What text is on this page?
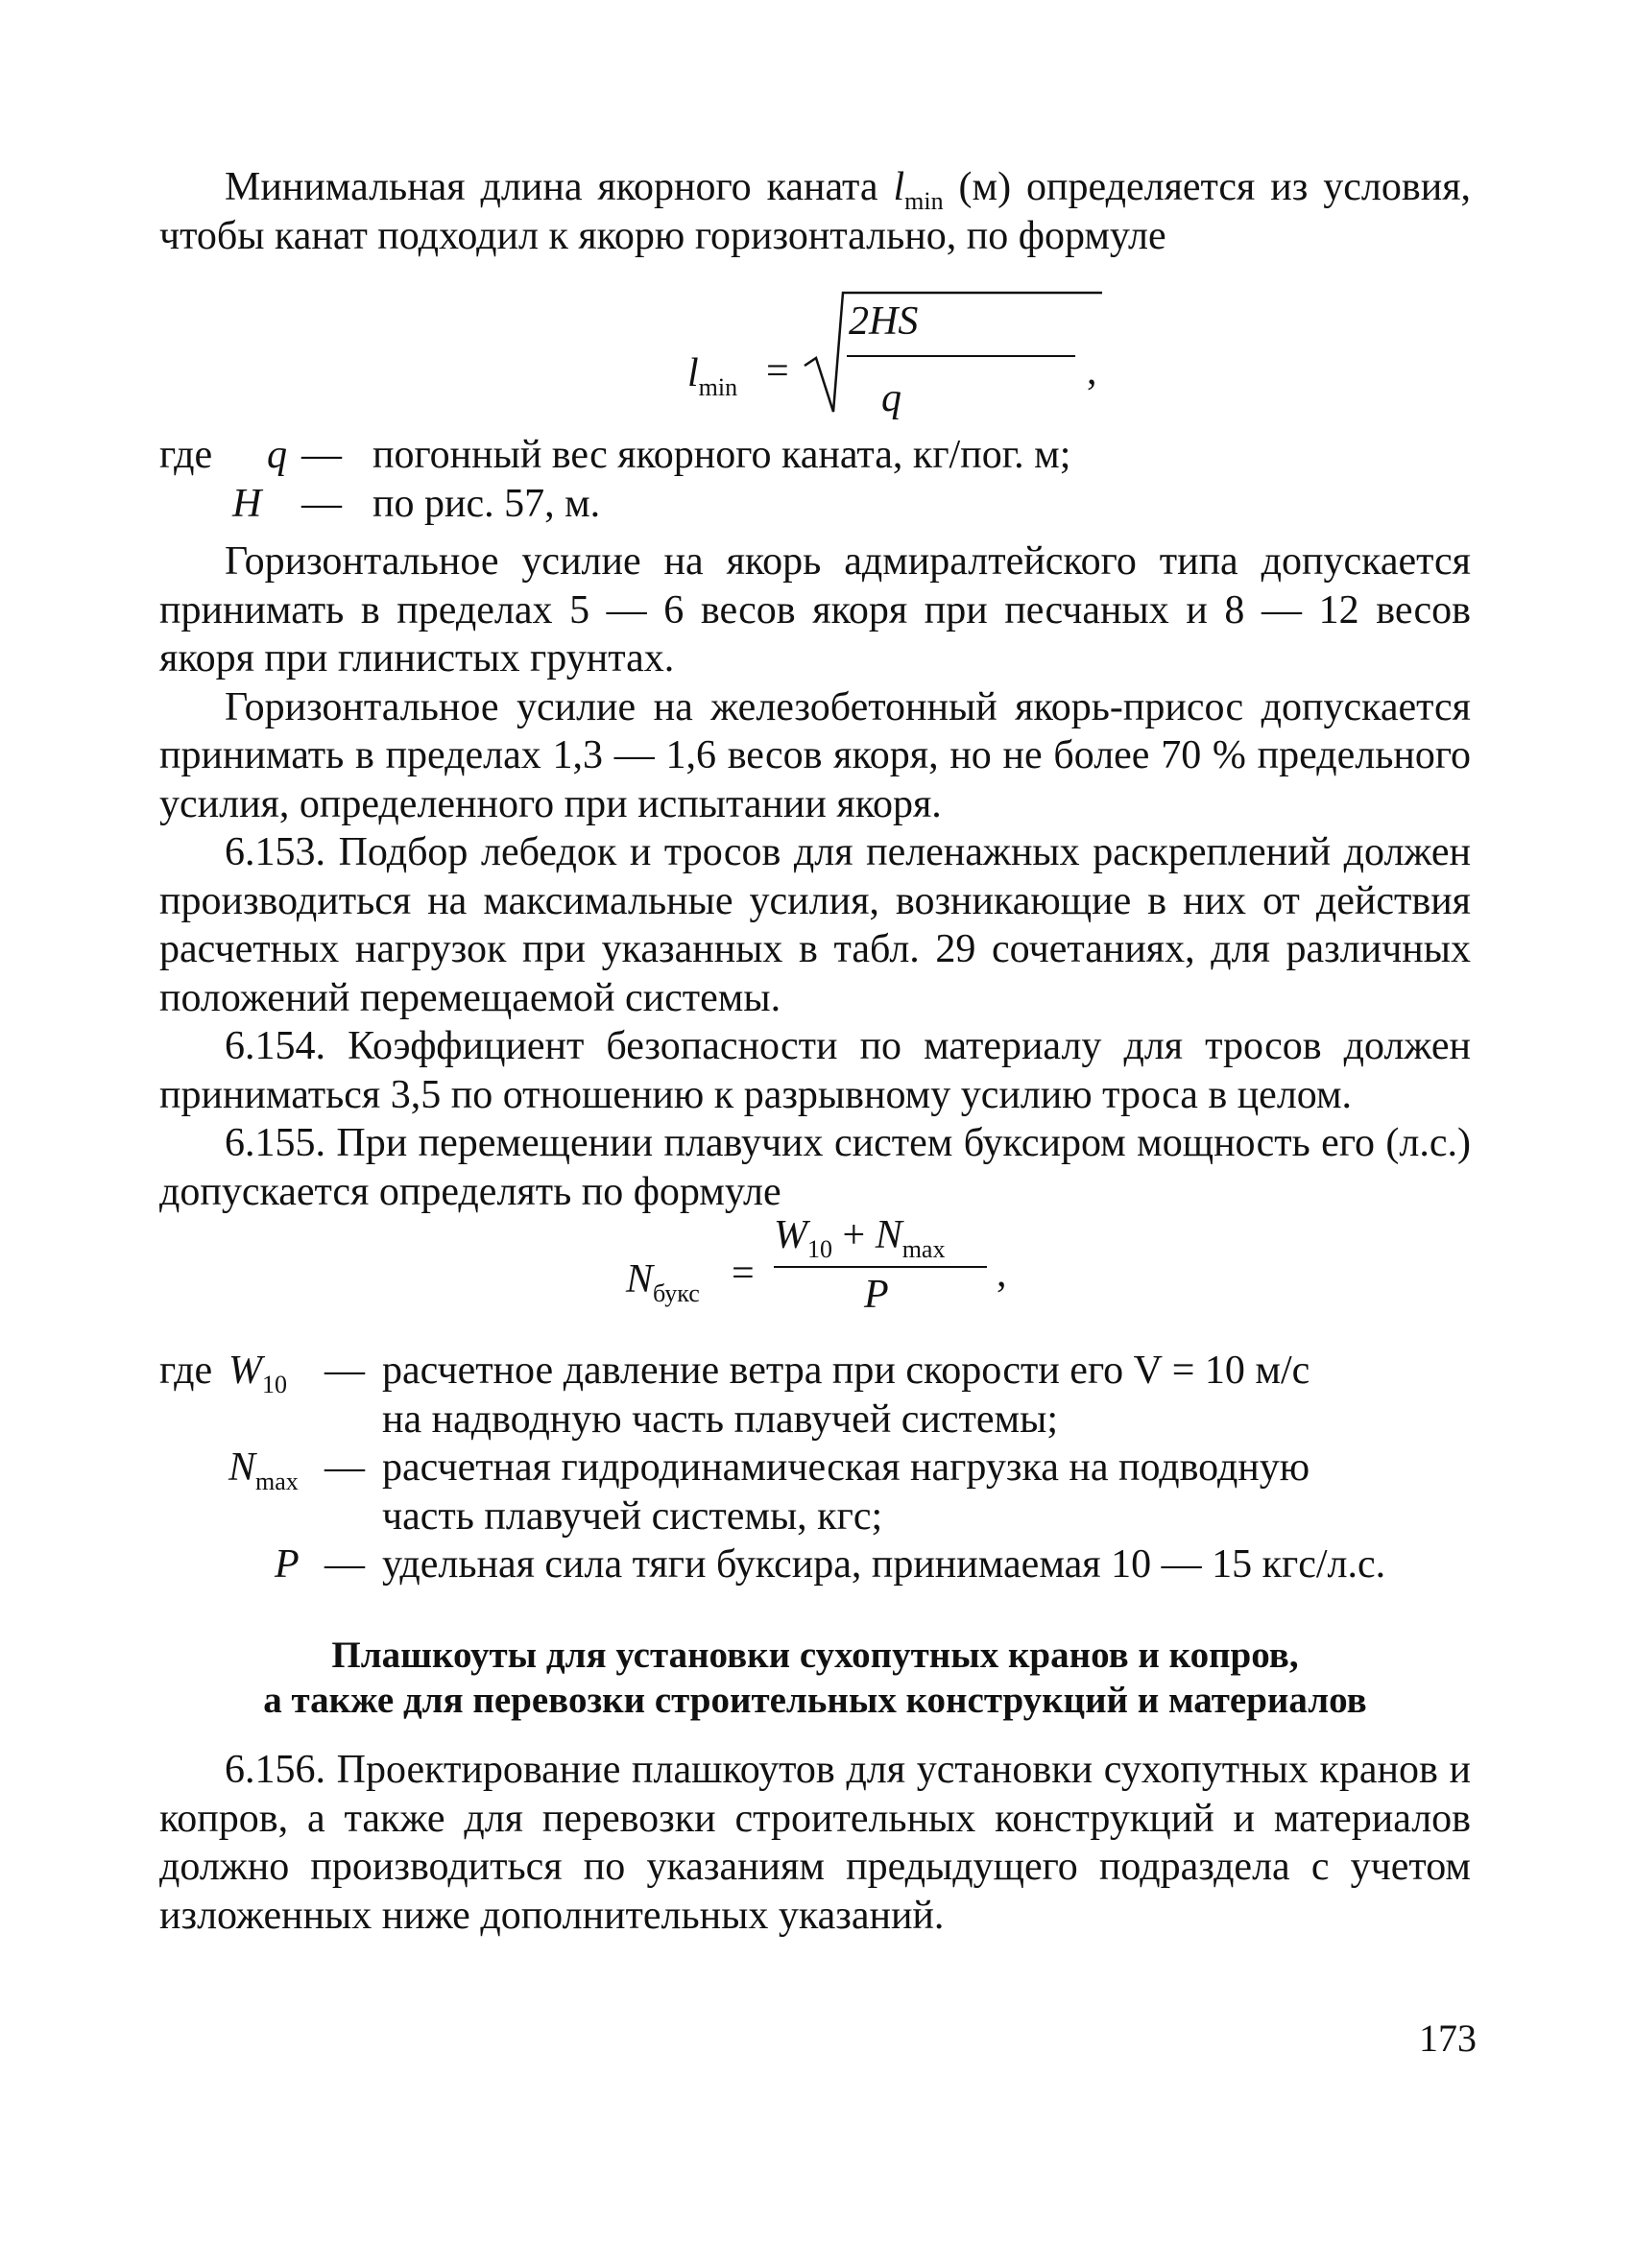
Минимальная длина якорного каната $l_{min}$ (м) определяется из условия, чтобы канат подходил к якорю горизонтально, по формуле

$l_{min}$ =
2HS
q
,
где q — погонный вес якорного каната, кг/пог. м;
H — по рис. 57, м.

Горизонтальное усилие на якорь адмиралтейского типа допускается принимать в пределах 5 — 6 весов якоря при песчаных и 8 — 12 весов якоря при глинистых грунтах.

Горизонтальное усилие на железобетонный якорь-присос допускается принимать в пределах 1,3 — 1,6 весов якоря, но не более 70 % предельного усилия, определенного при испытании якоря.

6.153. Подбор лебедок и тросов для пеленажных раскреплений должен производиться на максимальные усилия, возникающие в них от действия расчетных нагрузок при указанных в табл. 29 сочетаниях, для различных положений перемещаемой системы.

6.154. Коэффициент безопасности по материалу для тросов должен приниматься 3,5 по отношению к разрывному усилию троса в целом.

6.155. При перемещении плавучих систем буксиром мощность его (л.с.) допускается определять по формуле

$N_{букс}$ =
$W_{10} + N_{max}$
P	,
где $W_{10}$ — расчетное давление ветра при скорости его V = 10 м/с
на надводную часть плавучей системы;
$N_{max}$ — расчетная гидродинамическая нагрузка на подводную
часть плавучей системы, кгс;
P — удельная сила тяги буксира, принимаемая 10 — 15 кгс/л.с.
Плашкоуты для установки сухопутных кранов и копров,
а также для перевозки строительных конструкций и материалов

6.156. Проектирование плашкоутов для установки сухопутных кранов и копров, а также для перевозки строительных конструкций и материалов должно производиться по указаниям предыдущего подраздела с учетом изложенных ниже дополнительных указаний.

173
